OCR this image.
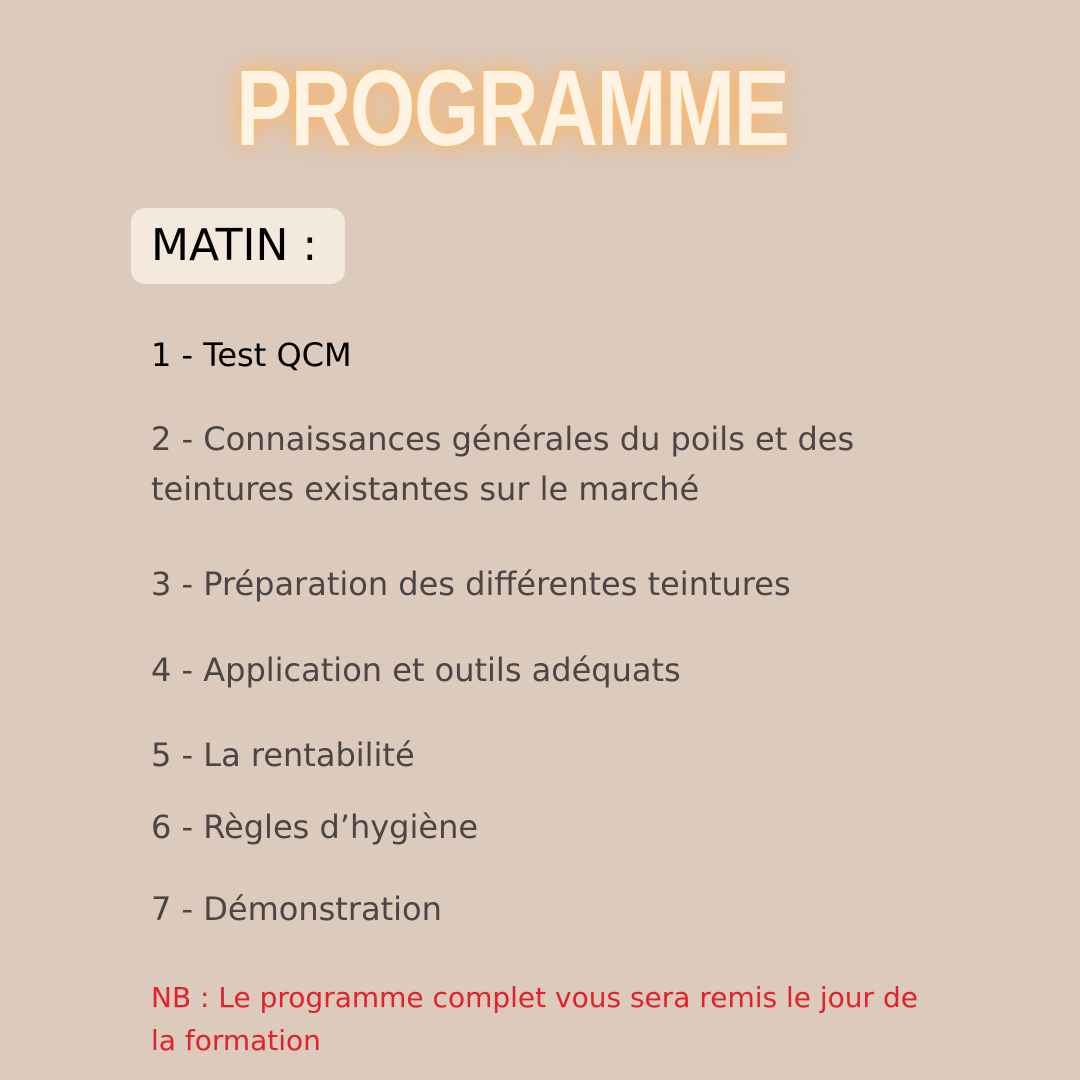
PROGRAMME
MATIN :
1 - Test QCM
2 - Connaissances générales du poils et des
teintures existantes sur le marché
3 - Préparation des différentes teintures
4 - Application et outils adéquats
5 - La rentabilité
6 - Règles d’hygiène
7 - Démonstration
NB : Le programme complet vous sera remis le jour de
la formation
